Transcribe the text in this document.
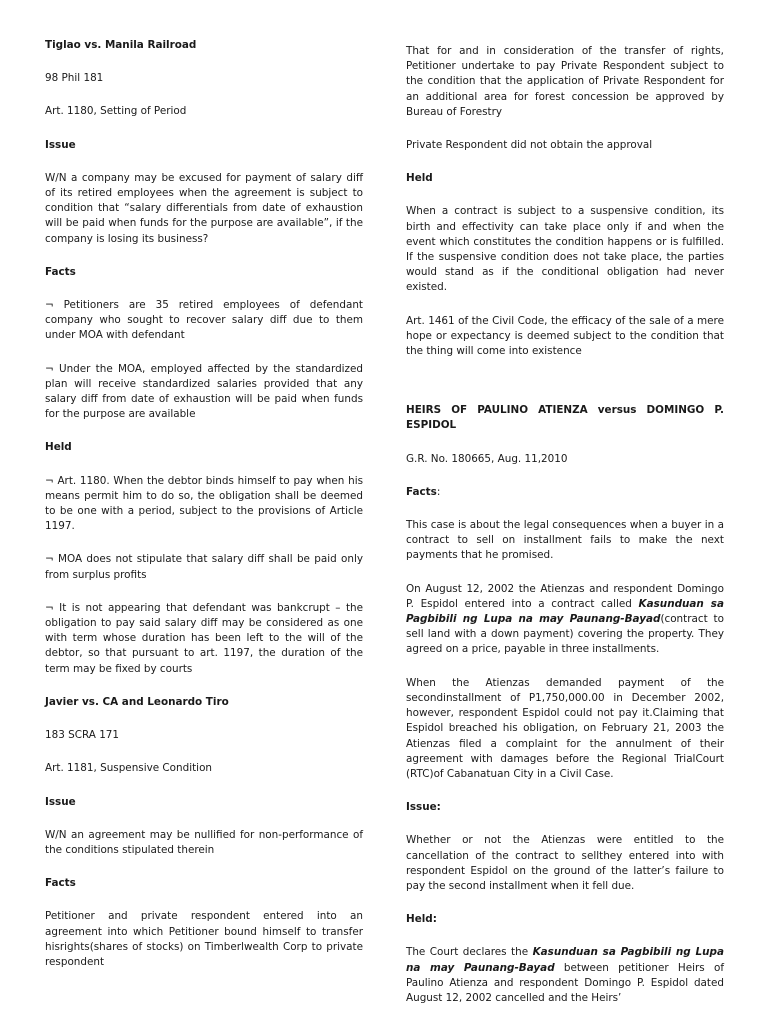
Tiglao vs. Manila Railroad

98 Phil 181

Art. 1180, Setting of Period

Issue

W/N a company may be excused for payment of salary diff of its retired employees when the agreement is subject to condition that “salary differentials from date of exhaustion will be paid when funds for the purpose are available”, if the company is losing its business?

Facts

¬ Petitioners are 35 retired employees of defendant company who sought to recover salary diff due to them under MOA with defendant

¬ Under the MOA, employed affected by the standardized plan will receive standardized salaries provided that any salary diff from date of exhaustion will be paid when funds for the purpose are available

Held

¬ Art. 1180. When the debtor binds himself to pay when his means permit him to do so, the obligation shall be deemed to be one with a period, subject to the provisions of Article 1197.

¬ MOA does not stipulate that salary diff shall be paid only from surplus profits

¬ It is not appearing that defendant was bankcrupt – the obligation to pay said salary diff may be considered as one with term whose duration has been left to the will of the debtor, so that pursuant to art. 1197, the duration of the term may be fixed by courts

Javier vs. CA and Leonardo Tiro

183 SCRA 171

Art. 1181, Suspensive Condition

Issue

W/N an agreement may be nullified for non-performance of the conditions stipulated therein

Facts

Petitioner and private respondent entered into an agreement into which Petitioner bound himself to transfer hisrights(shares of stocks) on Timberlwealth Corp to private respondent

That for and in consideration of the transfer of rights, Petitioner undertake to pay Private Respondent subject to the condition that the application of Private Respondent for an additional area for forest concession be approved by Bureau of Forestry

Private Respondent did not obtain the approval

Held

When a contract is subject to a suspensive condition, its birth and effectivity can take place only if and when the event which constitutes the condition happens or is fulfilled. If the suspensive condition does not take place, the parties would stand as if the conditional obligation had never existed.

Art. 1461 of the Civil Code, the efficacy of the sale of a mere hope or expectancy is deemed subject to the condition that the thing will come into existence

HEIRS OF PAULINO ATIENZA versus DOMINGO P. ESPIDOL

G.R. No. 180665, Aug. 11,2010

Facts:

This case is about the legal consequences when a buyer in a contract to sell on installment fails to make the next payments that he promised.

On August 12, 2002 the Atienzas and respondent Domingo P. Espidol entered into a contract called Kasunduan sa Pagbibili ng Lupa na may Paunang-Bayad(contract to sell land with a down payment) covering the property. They agreed on a price, payable in three installments.

When the Atienzas demanded payment of the secondinstallment of P1,750,000.00 in December 2002, however, respondent Espidol could not pay it.Claiming that Espidol breached his obligation, on February 21, 2003 the Atienzas filed a complaint for the annulment of their agreement with damages before the Regional TrialCourt (RTC)of Cabanatuan City in a Civil Case.

Issue:

Whether or not the Atienzas were entitled to the cancellation of the contract to sellthey entered into with respondent Espidol on the ground of the latter’s failure to pay the second installment when it fell due.

Held:

The Court declares the Kasunduan sa Pagbibili ng Lupa na may Paunang-Bayad between petitioner Heirs of Paulino Atienza and respondent Domingo P. Espidol dated August 12, 2002 cancelled and the Heirs’
